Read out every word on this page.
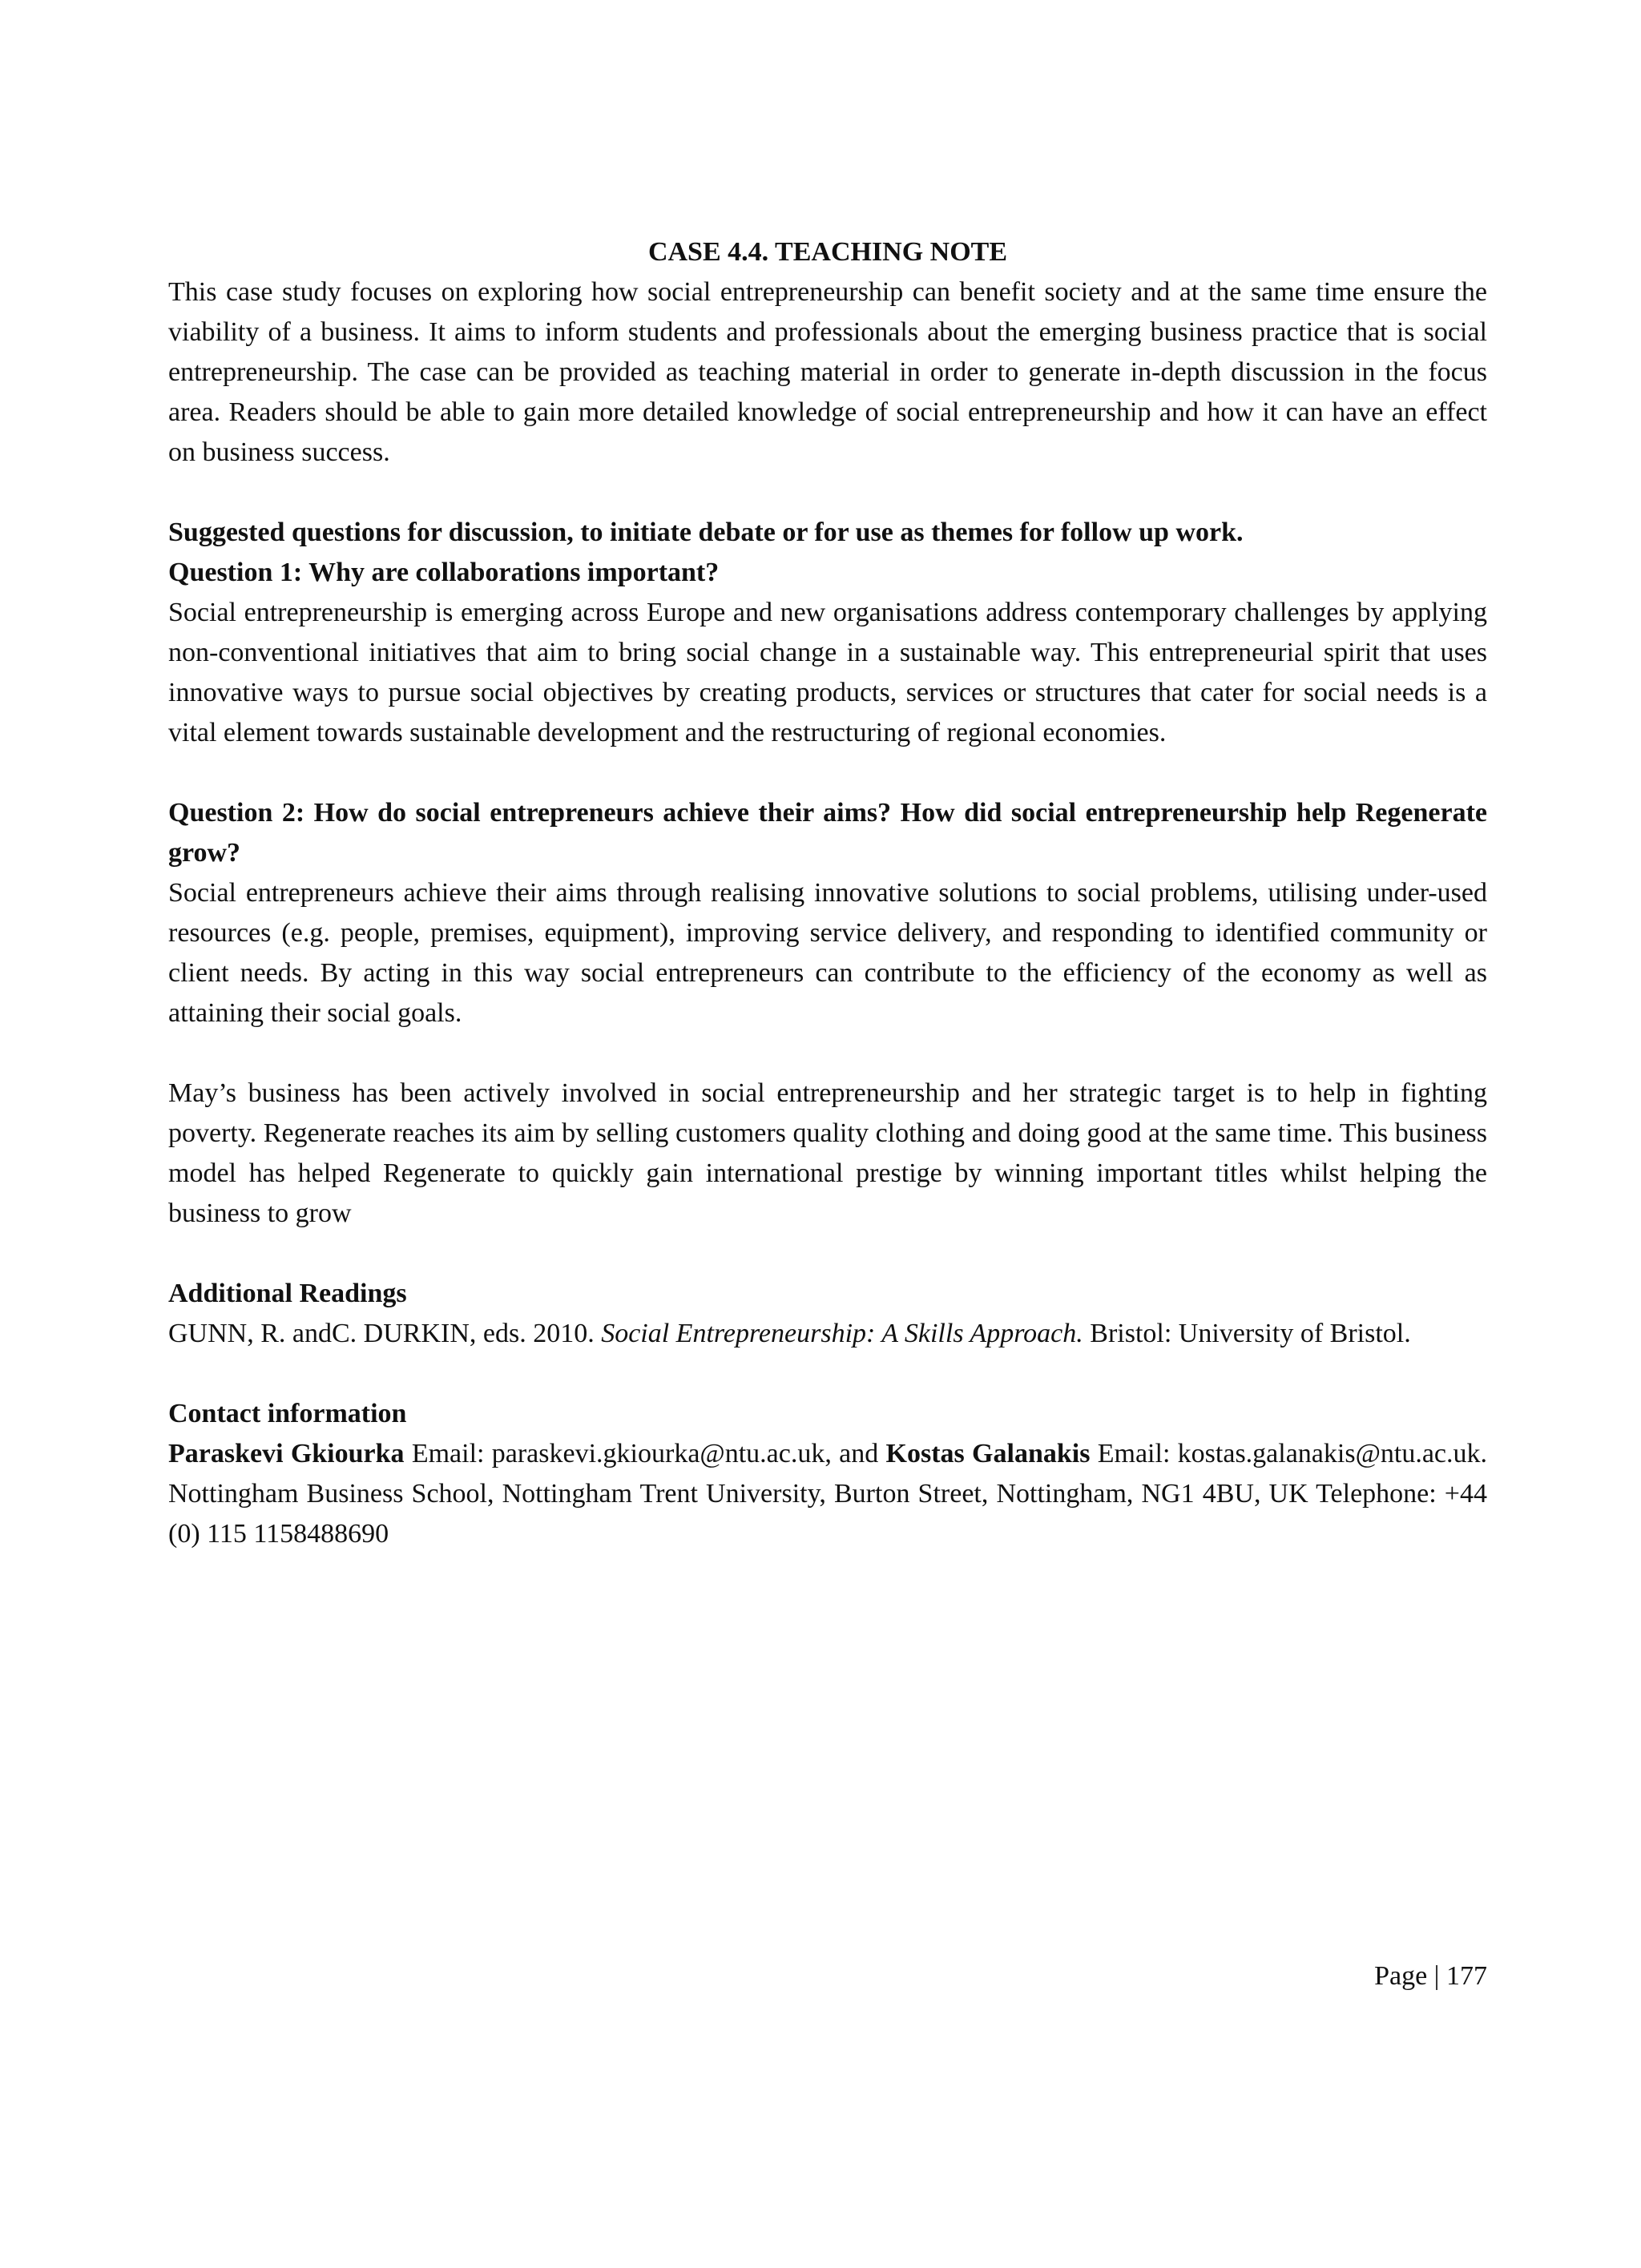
CASE 4.4. TEACHING NOTE

This case study focuses on exploring how social entrepreneurship can benefit society and at the same time ensure the viability of a business. It aims to inform students and professionals about the emerging business practice that is social entrepreneurship. The case can be provided as teaching material in order to generate in-depth discussion in the focus area. Readers should be able to gain more detailed knowledge of social entrepreneurship and how it can have an effect on business success.

Suggested questions for discussion, to initiate debate or for use as themes for follow up work.

Question 1: Why are collaborations important?

Social entrepreneurship is emerging across Europe and new organisations address contemporary challenges by applying non-conventional initiatives that aim to bring social change in a sustainable way. This entrepreneurial spirit that uses innovative ways to pursue social objectives by creating products, services or structures that cater for social needs is a vital element towards sustainable development and the restructuring of regional economies.

Question 2: How do social entrepreneurs achieve their aims? How did social entrepreneurship help Regenerate grow?

Social entrepreneurs achieve their aims through realising innovative solutions to social problems, utilising under-used resources (e.g. people, premises, equipment), improving service delivery, and responding to identified community or client needs. By acting in this way social entrepreneurs can contribute to the efficiency of the economy as well as attaining their social goals.

May’s business has been actively involved in social entrepreneurship and her strategic target is to help in fighting poverty. Regenerate reaches its aim by selling customers quality clothing and doing good at the same time. This business model has helped Regenerate to quickly gain international prestige by winning important titles whilst helping the business to grow

Additional Readings

GUNN, R. andC. DURKIN, eds. 2010. Social Entrepreneurship: A Skills Approach. Bristol: University of Bristol.

Contact information

Paraskevi Gkiourka Email: paraskevi.gkiourka@ntu.ac.uk, and Kostas Galanakis Email: kostas.galanakis@ntu.ac.uk. Nottingham Business School, Nottingham Trent University, Burton Street, Nottingham, NG1 4BU, UK Telephone: +44 (0) 115 1158488690

Page | 177
